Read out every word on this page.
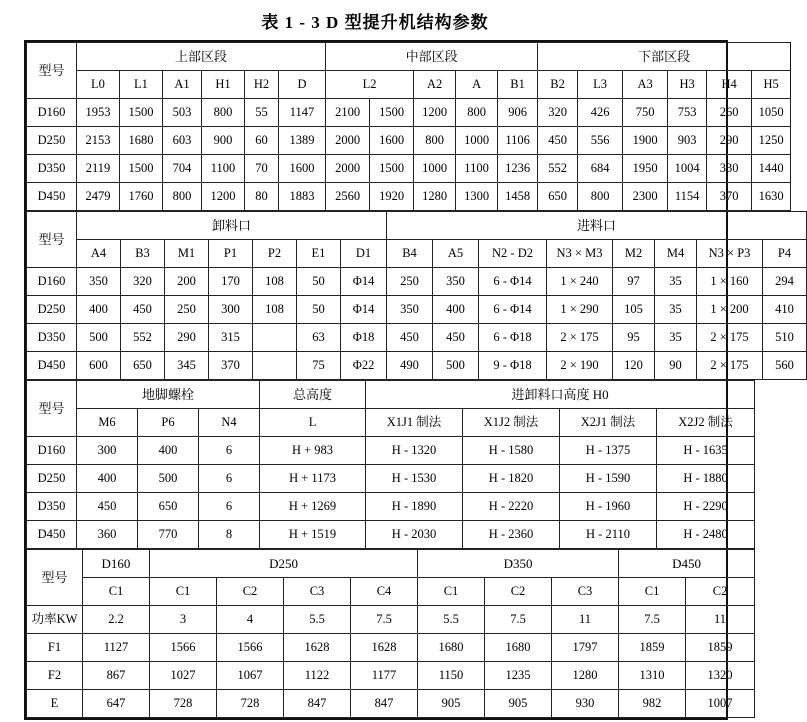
表 1 - 3 D 型提升机结构参数
型号	上部区段						中部区段					下部区段						
	L0	L1	A1	H1	H2	D	L2		A2	A	B1	B2	L3	A3	H3	H4	H5	
D160	1953	1500	503	800	55	1147	2100	1500	1200	800	906	320	426	750	753	260	1050	
D250	2153	1680	603	900	60	1389	2000	1600	800	1000	1106	450	556	1900	903	290	1250	
D350	2119	1500	704	1100	70	1600	2000	1500	1000	1100	1236	552	684	1950	1004	330	1440	
D450	2479	1760	800	1200	80	1883	2560	1920	1280	1300	1458	650	800	2300	1154	370	1630	
型号	卸料口							进料口							
	A4	B3	M1	P1	P2	E1	D1	B4	A5	N2 - D2	N3 × M3	M2	M4	N3 × P3	P4
D160	350	320	200	170	108	50	Φ14	250	350	6 - Φ14	1 × 240	97	35	1 × 160	294
D250	400	450	250	300	108	50	Φ14	350	400	6 - Φ14	1 × 290	105	35	1 × 200	410
D350	500	552	290	315		63	Φ18	450	450	6 - Φ18	2 × 175	95	35	2 × 175	510
D450	600	650	345	370		75	Φ22	490	500	9 - Φ18	2 × 190	120	90	2 × 175	560
型号	地脚螺栓			总高度	进卸料口高度 H0			
	M6	P6	N4	L	X1J1 制法	X1J2 制法	X2J1 制法	X2J2 制法
D160	300	400	6	H + 983	H - 1320	H - 1580	H - 1375	H - 1635
D250	400	500	6	H + 1173	H - 1530	H - 1820	H - 1590	H - 1880
D350	450	650	6	H + 1269	H - 1890	H - 2220	H - 1960	H - 2290
D450	360	770	8	H + 1519	H - 2030	H - 2360	H - 2110	H - 2480
型号	D160	D250				D350			D450	
	C1	C1	C2	C3	C4	C1	C2	C3	C1	C2
功率KW	2.2	3	4	5.5	7.5	5.5	7.5	11	7.5	11
F1	1127	1566	1566	1628	1628	1680	1680	1797	1859	1859
F2	867	1027	1067	1122	1177	1150	1235	1280	1310	1320
E	647	728	728	847	847	905	905	930	982	1007
